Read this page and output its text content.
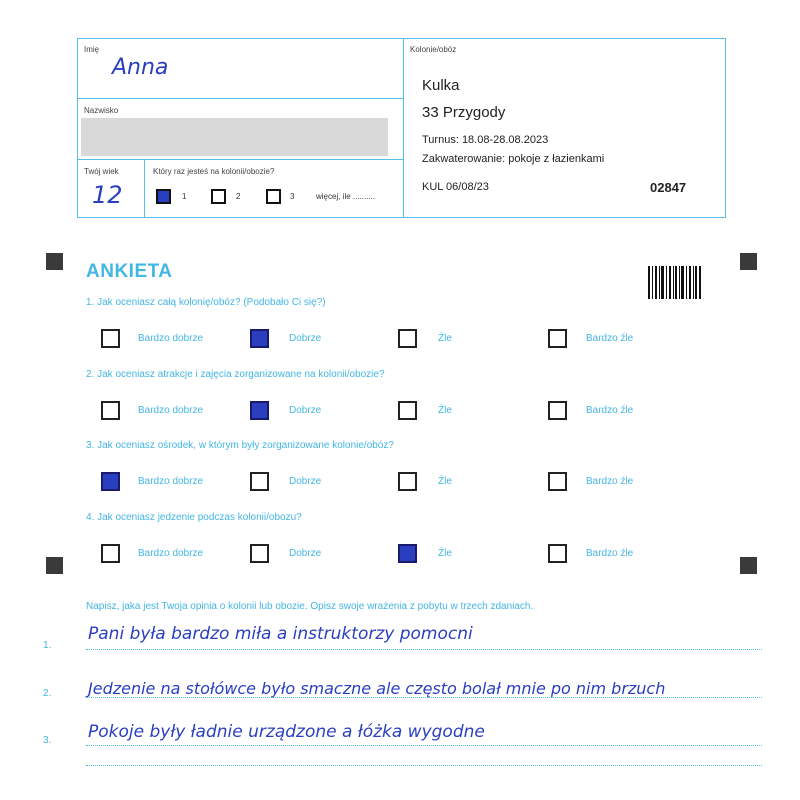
Imię
Anna
Nazwisko
Twój wiek
12
Który raz jesteś na kolonii/obozie?
1	2	3	więcej, ile ..........
Kolonie/obóz
Kulka
33 Przygody
Turnus: 18.08-28.08.2023
Zakwaterowanie: pokoje z łazienkami
KUL 06/08/23	02847
ANKIETA
1. Jak oceniasz całą kolonię/obóz? (Podobało Ci się?)
Bardzo dobrze	Dobrze	Źle	Bardzo źle
2. Jak oceniasz atrakcje i zajęcia zorganizowane na kolonii/obozie?
Bardzo dobrze	Dobrze	Źle	Bardzo źle
3. Jak oceniasz ośrodek, w którym były zorganizowane kolonie/obóz?
Bardzo dobrze	Dobrze	Źle	Bardzo źle
4. Jak oceniasz jedzenie podczas kolonii/obozu?
Bardzo dobrze	Dobrze	Źle	Bardzo źle
Napisz, jaka jest Twoja opinia o kolonii lub obozie. Opisz swoje wrażenia z pobytu w trzech zdaniach.
1.
Pani była bardzo miła a instruktorzy pomocni
2. Jedzenie na stołówce było smaczne ale często bolał mnie po nim brzuch
3. Pokoje były ładnie urządzone a łóżka wygodne
